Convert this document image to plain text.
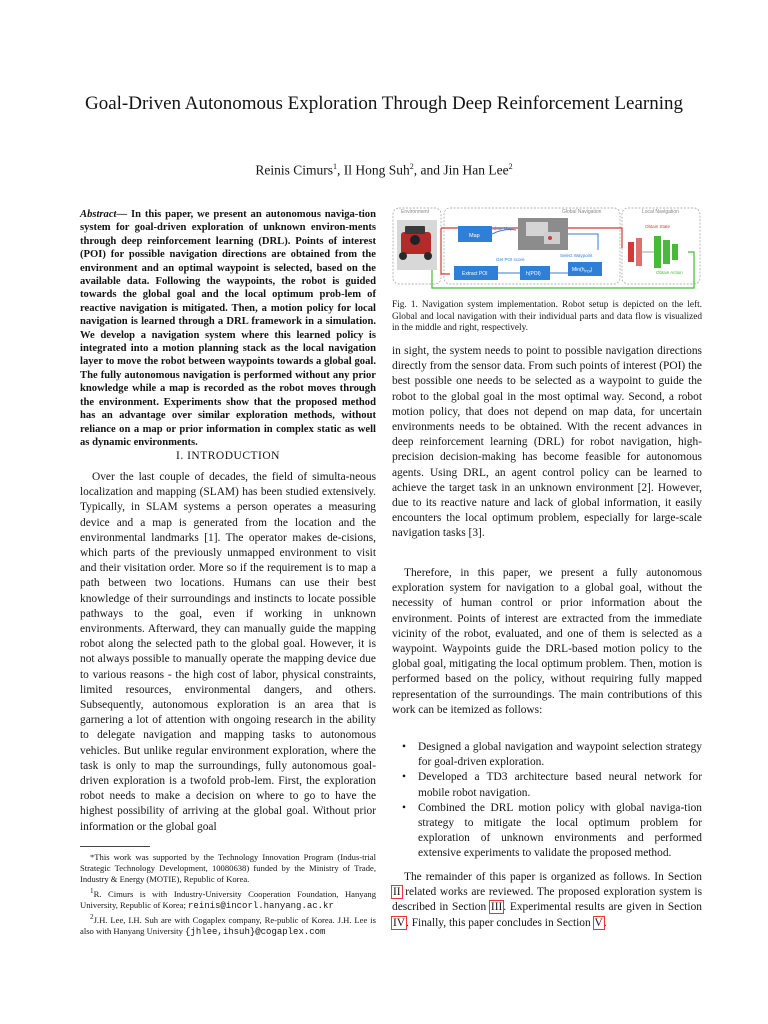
Goal-Driven Autonomous Exploration Through Deep Reinforcement Learning

Reinis Cimurs$^1$, Il Hong Suh$^2$, and Jin Han Lee$^2$

Abstract— In this paper, we present an autonomous naviga-tion system for goal-driven exploration of unknown environ-ments through deep reinforcement learning (DRL). Points of interest (POI) for possible navigation directions are obtained from the environment and an optimal waypoint is selected, based on the available data. Following the waypoints, the robot is guided towards the global goal and the local optimum prob-lem of reactive navigation is mitigated. Then, a motion policy for local navigation is learned through a DRL framework in a simulation. We develop a navigation system where this learned policy is integrated into a motion planning stack as the local navigation layer to move the robot between waypoints towards a global goal. The fully autonomous navigation is performed without any prior knowledge while a map is recorded as the robot moves through the environment. Experiments show that the proposed method has an advantage over similar exploration methods, without reliance on a map or prior information in complex static as well as dynamic environments.

I. INTRODUCTION

Over the last couple of decades, the field of simulta-neous localization and mapping (SLAM) has been studied extensively. Typically, in SLAM systems a person operates a measuring device and a map is generated from the location and the environmental landmarks [1]. The operator makes de-cisions, which parts of the previously unmapped environment to visit and their visitation order. More so if the requirement is to map a path between two locations. Humans can use their best knowledge of their surroundings and instincts to locate possible pathways to the goal, even if working in unknown environments. Afterward, they can manually guide the mapping robot along the selected path to the global goal. However, it is not always possible to manually operate the mapping device due to various reasons - the high cost of labor, physical constraints, limited resources, environmental dangers, and others. Subsequently, autonomous exploration is an area that is garnering a lot of attention with ongoing research in the ability to delegate navigation and mapping tasks to autonomous vehicles. But unlike regular environment exploration, where the task is only to map the surroundings, fully autonomous goal-driven exploration is a twofold prob-lem. First, the exploration robot needs to make a decision on where to go to have the highest possibility of arriving at the global goal. Without prior information or the global goal

*This work was supported by the Technology Innovation Program (Indus-trial Strategic Technology Development, 10080638) funded by the Ministry of Trade, Industry & Energy (MOTIE), Republic of Korea.

$^1$R. Cimurs is with Industry-University Cooperation Foundation, Hanyang University, Republic of Korea; reinis@incorl.hanyang.ac.kr

$^2$J.H. Lee, I.H. Suh are with Cogaplex company, Re-public of Korea. J.H. Lee is also with Hanyang University {jhlee,ihsuh}@cogaplex.com

Environment	Global Navigation	Local Navigation
Map
Update Map
Select Waypoint
Get POI score
Extract POI	h(POI)
$Min(h_{POI})$
Obtain State
Obtain Action

Fig. 1. Navigation system implementation. Robot setup is depicted on the left. Global and local navigation with their individual parts and data flow is visualized in the middle and right, respectively.

in sight, the system needs to point to possible navigation directions directly from the sensor data. From such points of interest (POI) the best possible one needs to be selected as a waypoint to guide the robot to the global goal in the most optimal way. Second, a robot motion policy, that does not depend on map data, for uncertain environments needs to be obtained. With the recent advances in deep reinforcement learning (DRL) for robot navigation, high-precision decision-making has become feasible for autonomous agents. Using DRL, an agent control policy can be learned to achieve the target task in an unknown environment [2]. However, due to its reactive nature and lack of global information, it easily encounters the local optimum problem, especially for large-scale navigation tasks [3].

Therefore, in this paper, we present a fully autonomous exploration system for navigation to a global goal, without the necessity of human control or prior information about the environment. Points of interest are extracted from the immediate vicinity of the robot, evaluated, and one of them is selected as a waypoint. Waypoints guide the DRL-based motion policy to the global goal, mitigating the local optimum problem. Then, motion is performed based on the policy, without requiring fully mapped representation of the surroundings. The main contributions of this work can be itemized as follows:

• Designed a global navigation and waypoint selection strategy for goal-driven exploration.
• Developed a TD3 architecture based neural network for mobile robot navigation.
• Combined the DRL motion policy with global naviga-tion strategy to mitigate the local optimum problem for exploration of unknown environments and performed extensive experiments to validate the proposed method.

The remainder of this paper is organized as follows. In Section II related works are reviewed. The proposed exploration system is described in Section III. Experimental results are given in Section IV. Finally, this paper concludes in Section V.
